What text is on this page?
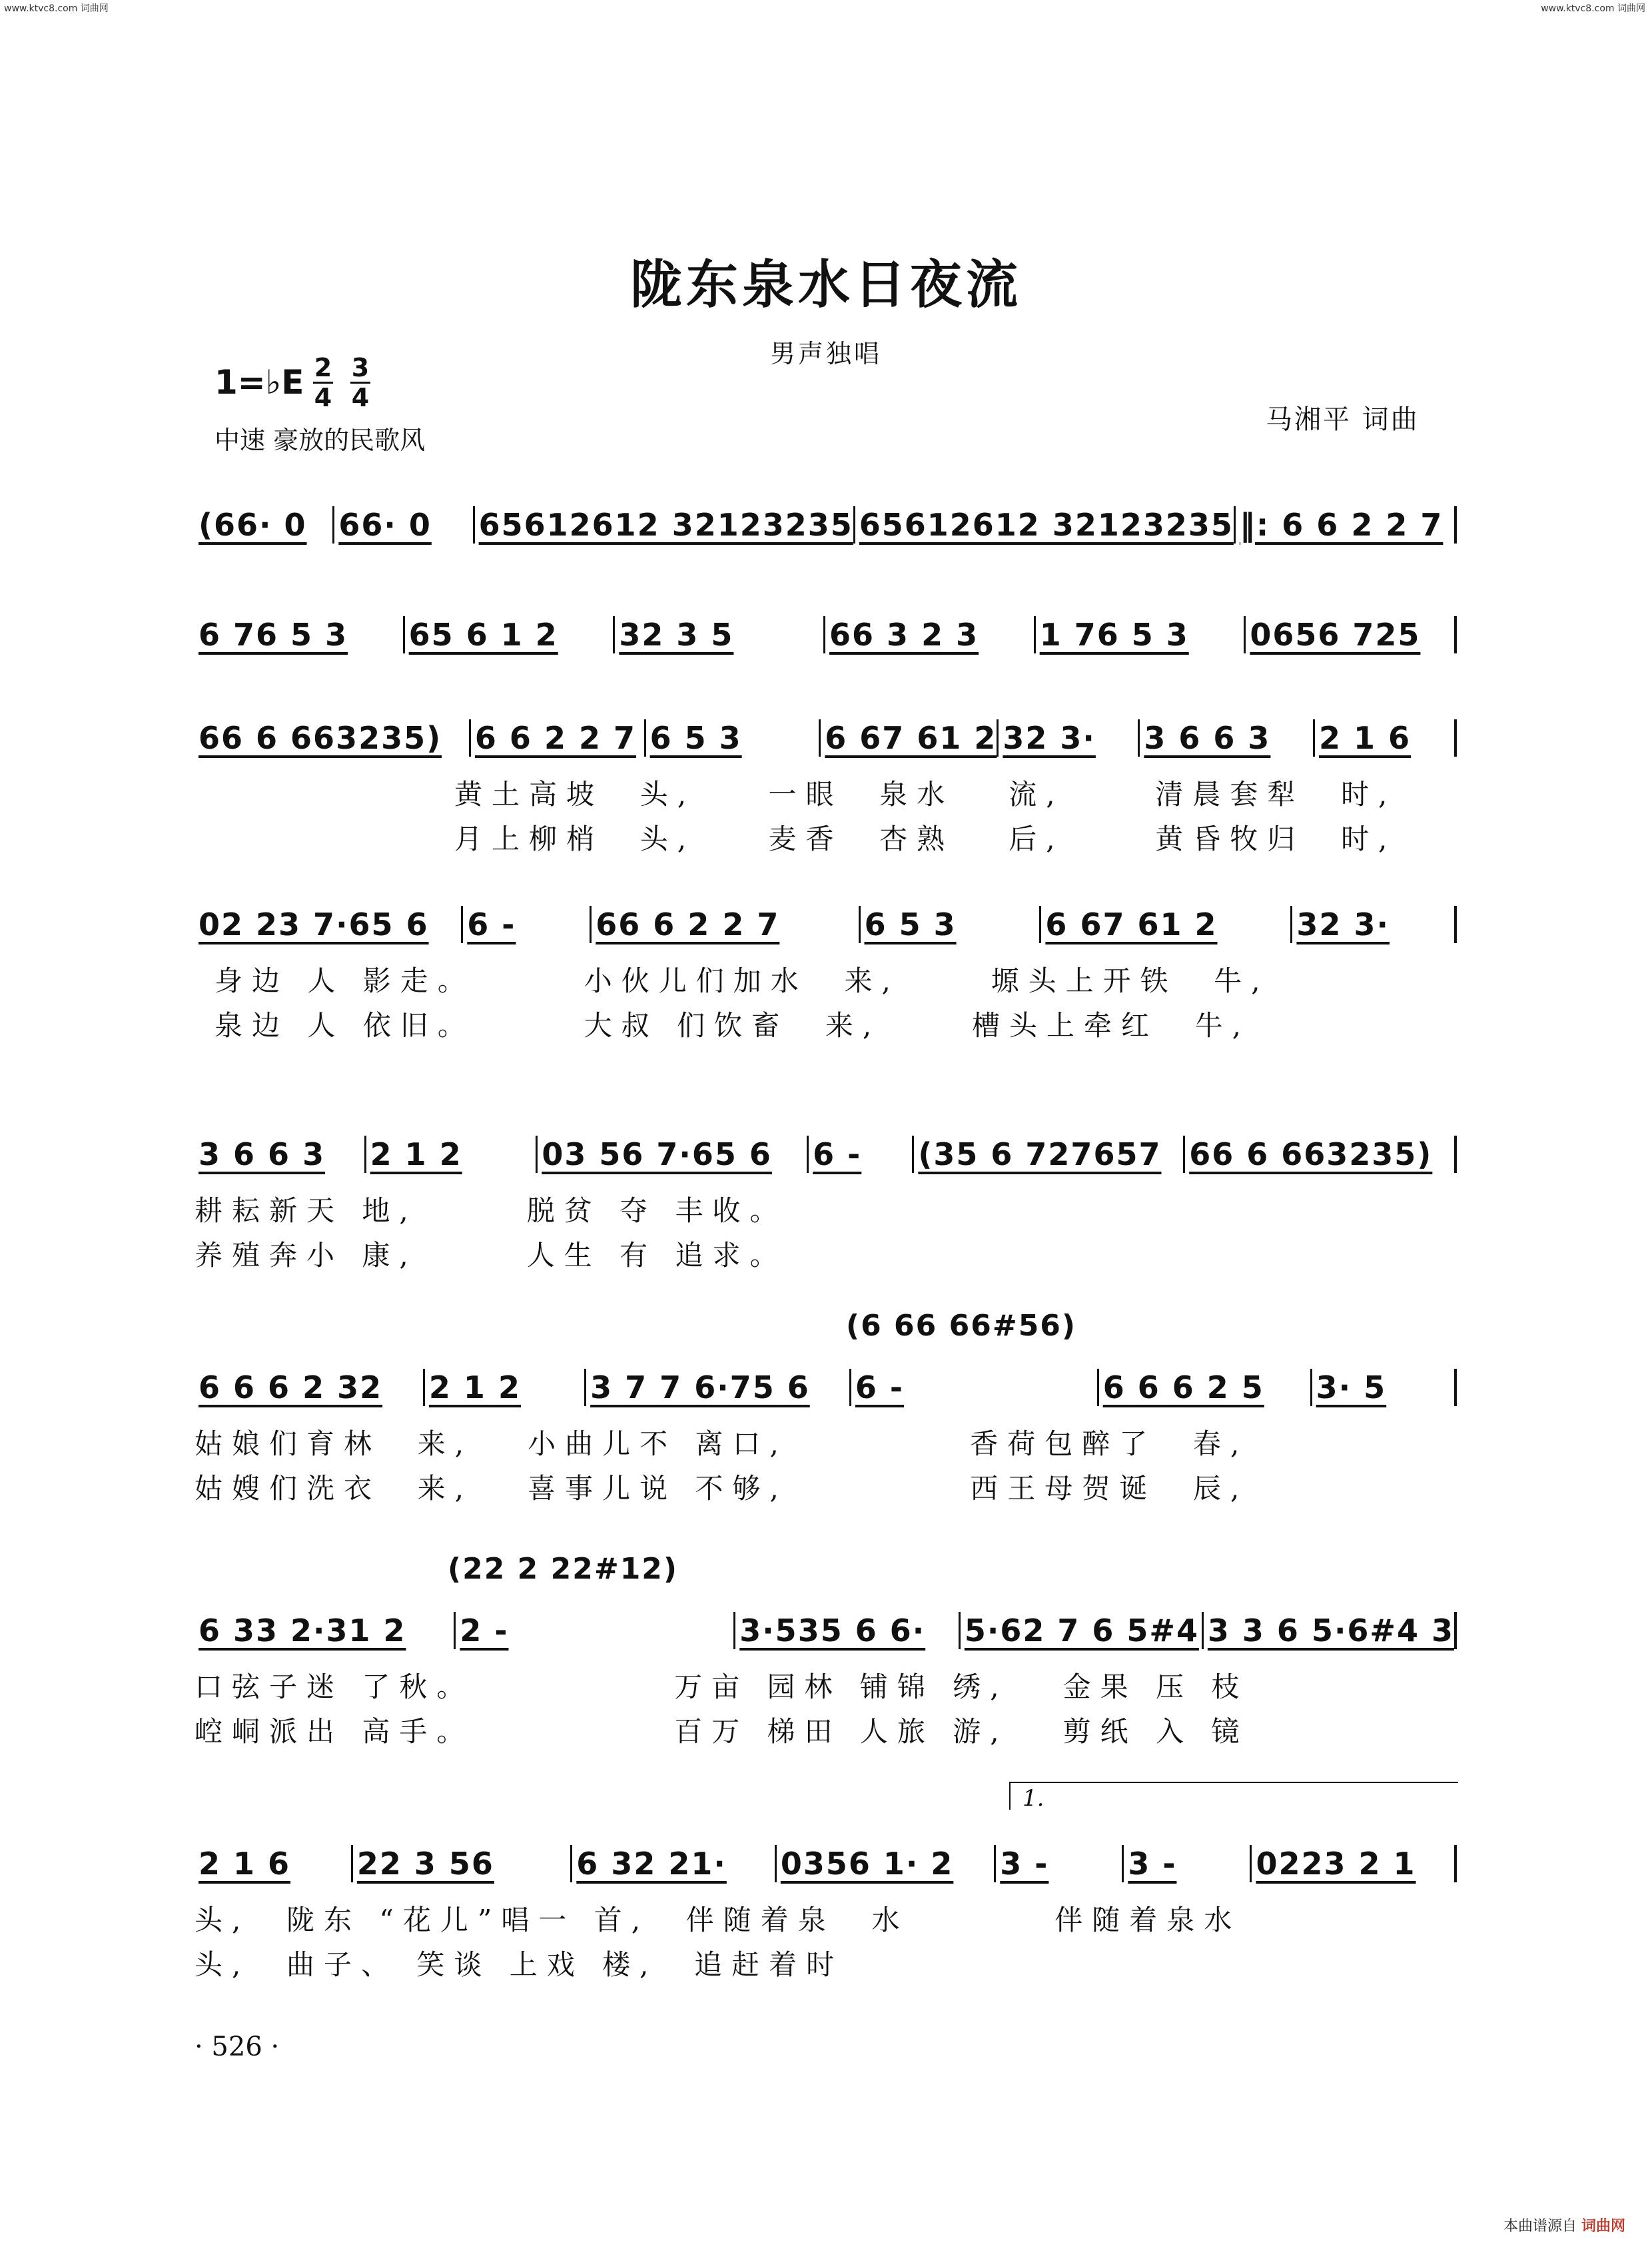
www.ktvc8.com 词曲网	www.ktvc8.com 词曲网
陇东泉水日夜流
男声独唱
1=♭E 2
4
3
4
中速 豪放的民歌风
马湘平 词曲
(66· 0	66· 0	65612612 32123235 65612612 32123235 ‖: 6 6 2 2 7
6 76 5 3	65 6 1 2	32 3 5	66 3 2 3	1 76 5 3	0656 725
66 6 663235)	6 6 2 2 7 6 5 3	6 67 61 2 32 3·	3 6 6 3	2 1 6
黄土高坡  头,    一眼  泉水   流,     清晨套犁  时,
月上柳梢  头,    麦香  杏熟   后,     黄昏牧归  时,
02 23 7·65 6	6 -	66 6 2 2 7	6 5 3	6 67 61 2	32 3·
身边 人 影走。      小伙儿们加水  来,     塬头上开铁  牛,
泉边 人 依旧。      大叔 们饮畜  来,     槽头上牵红  牛,
3 6 6 3	2 1 2	03 56 7·65 6	6 -	(35 6 727657 66 6 663235)
耕耘新天 地,      脱贫 夺 丰收。
养殖奔小 康,      人生 有 追求。
(6 66 66#56)
6 6 6 2 32	2 1 2	3 7 7 6·75 6	6 -	6 6 6 2 5	3· 5
姑娘们育林  来,   小曲儿不 离口,          香荷包醉了  春,
姑嫂们洗衣  来,   喜事儿说 不够,          西王母贺诞  辰,
(22 2 22#12)
6 33 2·31 2	2 -	3·535 6 6·	5·62 7 6 5#4 3 3 6 5·6#4 3
口弦子迷 了秋。           万亩 园林 铺锦 绣,   金果 压 枝
崆峒派出 高手。           百万 梯田 人旅 游,   剪纸 入 镜
1.
2 1 6	22 3 56	6 32 21·	0356 1· 2	3 -	3 -	0223 2 1
头,  陇东 “花儿”唱一 首,  伴随着泉  水        伴随着泉水
头,  曲子、 笑谈 上戏 楼,  追赶着时
· 526 ·
本曲谱源自 词曲网
